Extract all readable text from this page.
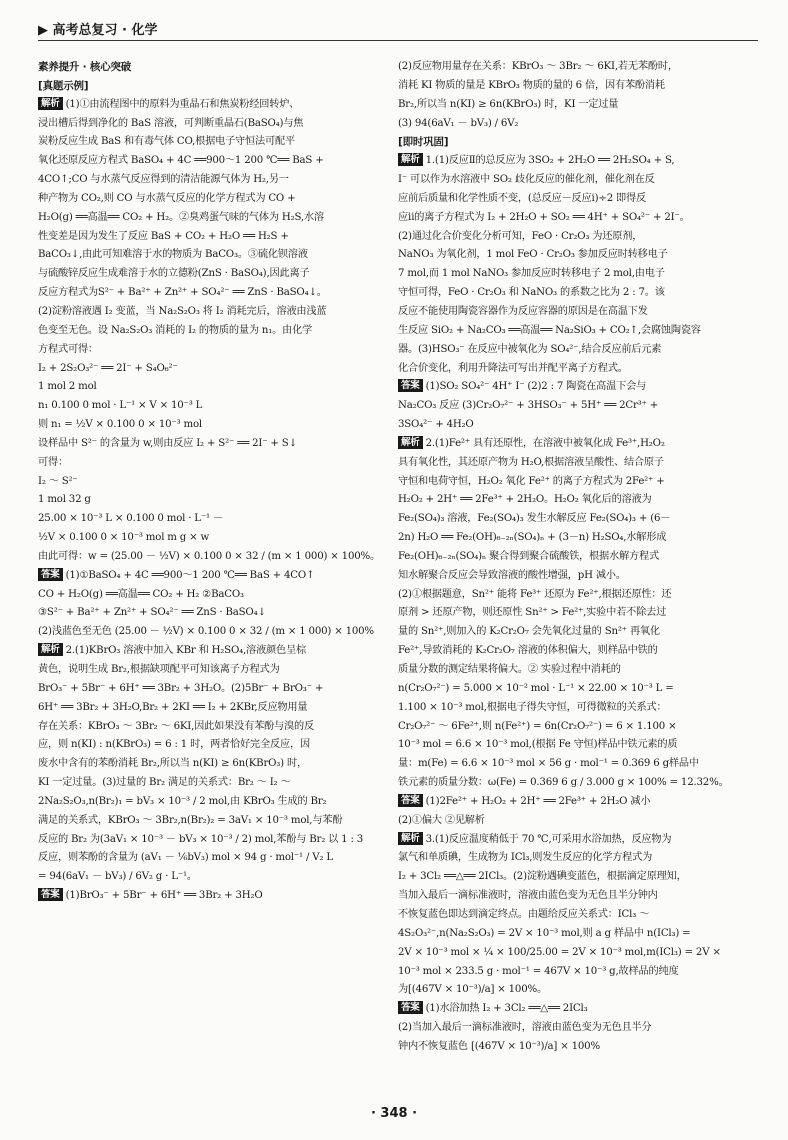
▶ 高考总复习 · 化学
素养提升 · 核心突破
[真题示例]
解析 (1)①由流程图中的原料为重晶石和焦炭粉经回转炉、
浸出槽后得到净化的 BaS 溶液，可判断重晶石(BaSO₄)与焦
炭粉反应生成 BaS 和有毒气体 CO,根据电子守恒法可配平
氧化还原反应方程式 BaSO₄ + 4C ══900～1 200 ℃══ BaS +
4CO↑;CO 与水蒸气反应得到的清洁能源气体为 H₂,另一
种产物为 CO₂,则 CO 与水蒸气反应的化学方程式为 CO +
H₂O(g) ══高温══ CO₂ + H₂。②臭鸡蛋气味的气体为 H₂S,水溶
性变差是因为发生了反应 BaS + CO₂ + H₂O ══ H₂S +
BaCO₃↓,由此可知难溶于水的物质为 BaCO₃。③硫化钡溶液
与硫酸锌反应生成难溶于水的立德粉(ZnS · BaSO₄),因此离子
反应方程式为S²⁻ + Ba²⁺ + Zn²⁺ + SO₄²⁻ ══ ZnS · BaSO₄↓。
(2)淀粉溶液遇 I₂ 变蓝，当 Na₂S₂O₃ 将 I₂ 消耗完后，溶液由浅蓝
色变至无色。设 Na₂S₂O₃ 消耗的 I₂ 的物质的量为 n₁。由化学
方程式可得：
I₂ + 2S₂O₃²⁻ ══ 2I⁻ + S₄O₆²⁻
1 mol 2 mol
n₁ 0.100 0 mol · L⁻¹ × V × 10⁻³ L
则 n₁ = ½V × 0.100 0 × 10⁻³ mol
设样品中 S²⁻ 的含量为 w,则由反应 I₂ + S²⁻ ══ 2I⁻ + S↓
可得：
I₂ ～ S²⁻
1 mol 32 g
25.00 × 10⁻³ L × 0.100 0 mol · L⁻¹ －
½V × 0.100 0 × 10⁻³ mol m g × w
由此可得：w = (25.00 － ½V) × 0.100 0 × 32 / (m × 1 000) × 100%。
答案 (1)①BaSO₄ + 4C ══900～1 200 ℃══ BaS + 4CO↑
CO + H₂O(g) ══高温══ CO₂ + H₂ ②BaCO₃
③S²⁻ + Ba²⁺ + Zn²⁺ + SO₄²⁻ ══ ZnS · BaSO₄↓
(2)浅蓝色至无色 (25.00 － ½V) × 0.100 0 × 32 / (m × 1 000) × 100%
解析 2.(1)KBrO₃ 溶液中加入 KBr 和 H₂SO₄,溶液颜色呈棕
黄色，说明生成 Br₂,根据缺项配平可知该离子方程式为
BrO₃⁻ + 5Br⁻ + 6H⁺ ══ 3Br₂ + 3H₂O。(2)5Br⁻ + BrO₃⁻ +
6H⁺ ══ 3Br₂ + 3H₂O,Br₂ + 2KI ══ I₂ + 2KBr,反应物用量
存在关系：KBrO₃ ～ 3Br₂ ～ 6KI,因此如果没有苯酚与溴的反
应，则 n(KI) : n(KBrO₃) = 6 : 1 时，两者恰好完全反应，因
废水中含有的苯酚消耗 Br₂,所以当 n(KI) ≥ 6n(KBrO₃) 时，
KI 一定过量。(3)过量的 Br₂ 满足的关系式：Br₂ ～ I₂ ～
2Na₂S₂O₃,n(Br₂)₁ = bV₃ × 10⁻³ / 2 mol,由 KBrO₃ 生成的 Br₂
满足的关系式，KBrO₃ ～ 3Br₂,n(Br₂)₂ = 3aV₁ × 10⁻³ mol,与苯酚
反应的 Br₂ 为(3aV₁ × 10⁻³ － bV₃ × 10⁻³ / 2) mol,苯酚与 Br₂ 以 1 : 3
反应，则苯酚的含量为 (aV₁ － ⅙bV₃) mol × 94 g · mol⁻¹ / V₂ L
= 94(6aV₁ － bV₃) / 6V₂ g · L⁻¹。
答案 (1)BrO₃⁻ + 5Br⁻ + 6H⁺ ══ 3Br₂ + 3H₂O
(2)反应物用量存在关系：KBrO₃ ～ 3Br₂ ～ 6KI,若无苯酚时，
消耗 KI 物质的量是 KBrO₃ 物质的量的 6 倍，因有苯酚消耗
Br₂,所以当 n(KI) ≥ 6n(KBrO₃) 时，KI 一定过量
(3) 94(6aV₁ － bV₃) / 6V₂
[即时巩固]
解析 1.(1)反应Ⅱ的总反应为 3SO₂ + 2H₂O ══ 2H₂SO₄ + S,
I⁻ 可以作为水溶液中 SO₂ 歧化反应的催化剂，催化剂在反
应前后质量和化学性质不变，(总反应－反应ⅰ)÷2 即得反
应ⅱ的离子方程式为 I₂ + 2H₂O + SO₂ ══ 4H⁺ + SO₄²⁻ + 2I⁻。
(2)通过化合价变化分析可知，FeO · Cr₂O₃ 为还原剂，
NaNO₃ 为氧化剂，1 mol FeO · Cr₂O₃ 参加反应时转移电子
7 mol,而 1 mol NaNO₃ 参加反应时转移电子 2 mol,由电子
守恒可得，FeO · Cr₂O₃ 和 NaNO₃ 的系数之比为 2 : 7。该
反应不能使用陶瓷容器作为反应容器的原因是在高温下发
生反应 SiO₂ + Na₂CO₃ ══高温══ Na₂SiO₃ + CO₂↑,会腐蚀陶瓷容
器。(3)HSO₃⁻ 在反应中被氧化为 SO₄²⁻,结合反应前后元素
化合价变化，利用升降法可写出并配平离子方程式。
答案 (1)SO₂ SO₄²⁻ 4H⁺ I⁻ (2)2 : 7 陶瓷在高温下会与
Na₂CO₃ 反应 (3)Cr₂O₇²⁻ + 3HSO₃⁻ + 5H⁺ ══ 2Cr³⁺ +
3SO₄²⁻ + 4H₂O
解析 2.(1)Fe²⁺ 具有还原性，在溶液中被氧化成 Fe³⁺,H₂O₂
具有氧化性，其还原产物为 H₂O,根据溶液呈酸性、结合原子
守恒和电荷守恒，H₂O₂ 氧化 Fe²⁺ 的离子方程式为 2Fe²⁺ +
H₂O₂ + 2H⁺ ══ 2Fe³⁺ + 2H₂O。H₂O₂ 氧化后的溶液为
Fe₂(SO₄)₃ 溶液，Fe₂(SO₄)₃ 发生水解反应 Fe₂(SO₄)₃ + (6－
2n) H₂O ══ Fe₂(OH)₆₋₂ₙ(SO₄)ₙ + (3－n) H₂SO₄,水解形成
Fe₂(OH)₆₋₂ₙ(SO₄)ₙ 聚合得到聚合硫酸铁，根据水解方程式
知水解聚合反应会导致溶液的酸性增强，pH 减小。
(2)①根据题意，Sn²⁺ 能将 Fe³⁺ 还原为 Fe²⁺,根据还原性：还
原剂 > 还原产物，则还原性 Sn²⁺ > Fe²⁺,实验中若不除去过
量的 Sn²⁺,则加入的 K₂Cr₂O₇ 会先氧化过量的 Sn²⁺ 再氧化
Fe²⁺,导致消耗的 K₂Cr₂O₇ 溶液的体积偏大，则样品中铁的
质量分数的测定结果将偏大。② 实验过程中消耗的
n(Cr₂O₇²⁻) = 5.000 × 10⁻² mol · L⁻¹ × 22.00 × 10⁻³ L =
1.100 × 10⁻³ mol,根据电子得失守恒，可得微粒的关系式：
Cr₂O₇²⁻ ～ 6Fe²⁺,则 n(Fe²⁺) = 6n(Cr₂O₇²⁻) = 6 × 1.100 ×
10⁻³ mol = 6.6 × 10⁻³ mol,(根据 Fe 守恒)样品中铁元素的质
量：m(Fe) = 6.6 × 10⁻³ mol × 56 g · mol⁻¹ = 0.369 6 g样品中
铁元素的质量分数：ω(Fe) = 0.369 6 g / 3.000 g × 100% = 12.32%。
答案 (1)2Fe²⁺ + H₂O₂ + 2H⁺ ══ 2Fe³⁺ + 2H₂O 减小
(2)①偏大 ②见解析
解析 3.(1)反应温度稍低于 70 ℃,可采用水浴加热，反应物为
氯气和单质碘，生成物为 ICl₃,则发生反应的化学方程式为
I₂ + 3Cl₂ ══△══ 2ICl₃。(2)淀粉遇碘变蓝色，根据滴定原理知，
当加入最后一滴标准液时，溶液由蓝色变为无色且半分钟内
不恢复蓝色即达到滴定终点。由题给反应关系式：ICl₃ ～
4S₂O₃²⁻,n(Na₂S₂O₃) = 2V × 10⁻³ mol,则 a g 样品中 n(ICl₃) =
2V × 10⁻³ mol × ¼ × 100/25.00 = 2V × 10⁻³ mol,m(ICl₃) = 2V ×
10⁻³ mol × 233.5 g · mol⁻¹ = 467V × 10⁻³ g,故样品的纯度
为[(467V × 10⁻³)/a] × 100%。
答案 (1)水浴加热 I₂ + 3Cl₂ ══△══ 2ICl₃
(2)当加入最后一滴标准液时，溶液由蓝色变为无色且半分
钟内不恢复蓝色 [(467V × 10⁻³)/a] × 100%
· 348 ·
